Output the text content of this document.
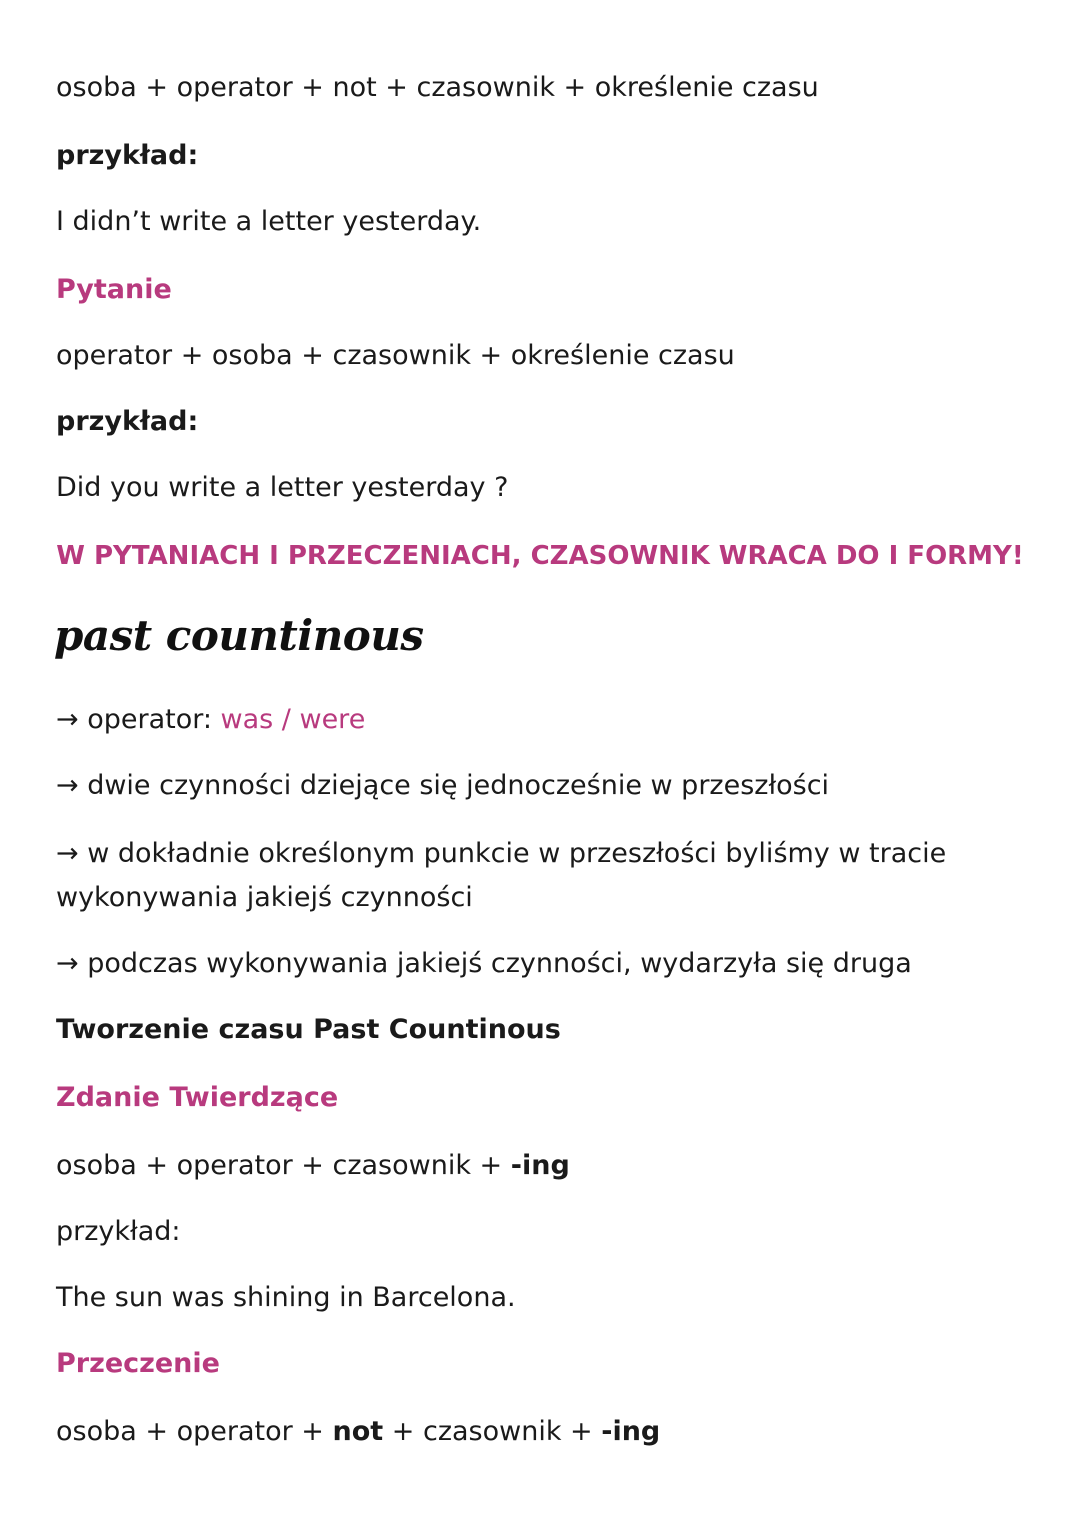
osoba + operator + not + czasownik + określenie czasu
przykład:
I didn’t write a letter yesterday.
Pytanie
operator + osoba + czasownik + określenie czasu
przykład:
Did you write a letter yesterday ?
W PYTANIACH I PRZECZENIACH, CZASOWNIK WRACA DO I FORMY!
past countinous
→ operator: was / were
→ dwie czynności dziejące się jednocześnie w przeszłości
→ w dokładnie określonym punkcie w przeszłości byliśmy w tracie
wykonywania jakiejś czynności
→ podczas wykonywania jakiejś czynności, wydarzyła się druga
Tworzenie czasu Past Countinous
Zdanie Twierdzące
osoba + operator + czasownik + -ing
przykład:
The sun was shining in Barcelona.
Przeczenie
osoba + operator + not + czasownik + -ing
